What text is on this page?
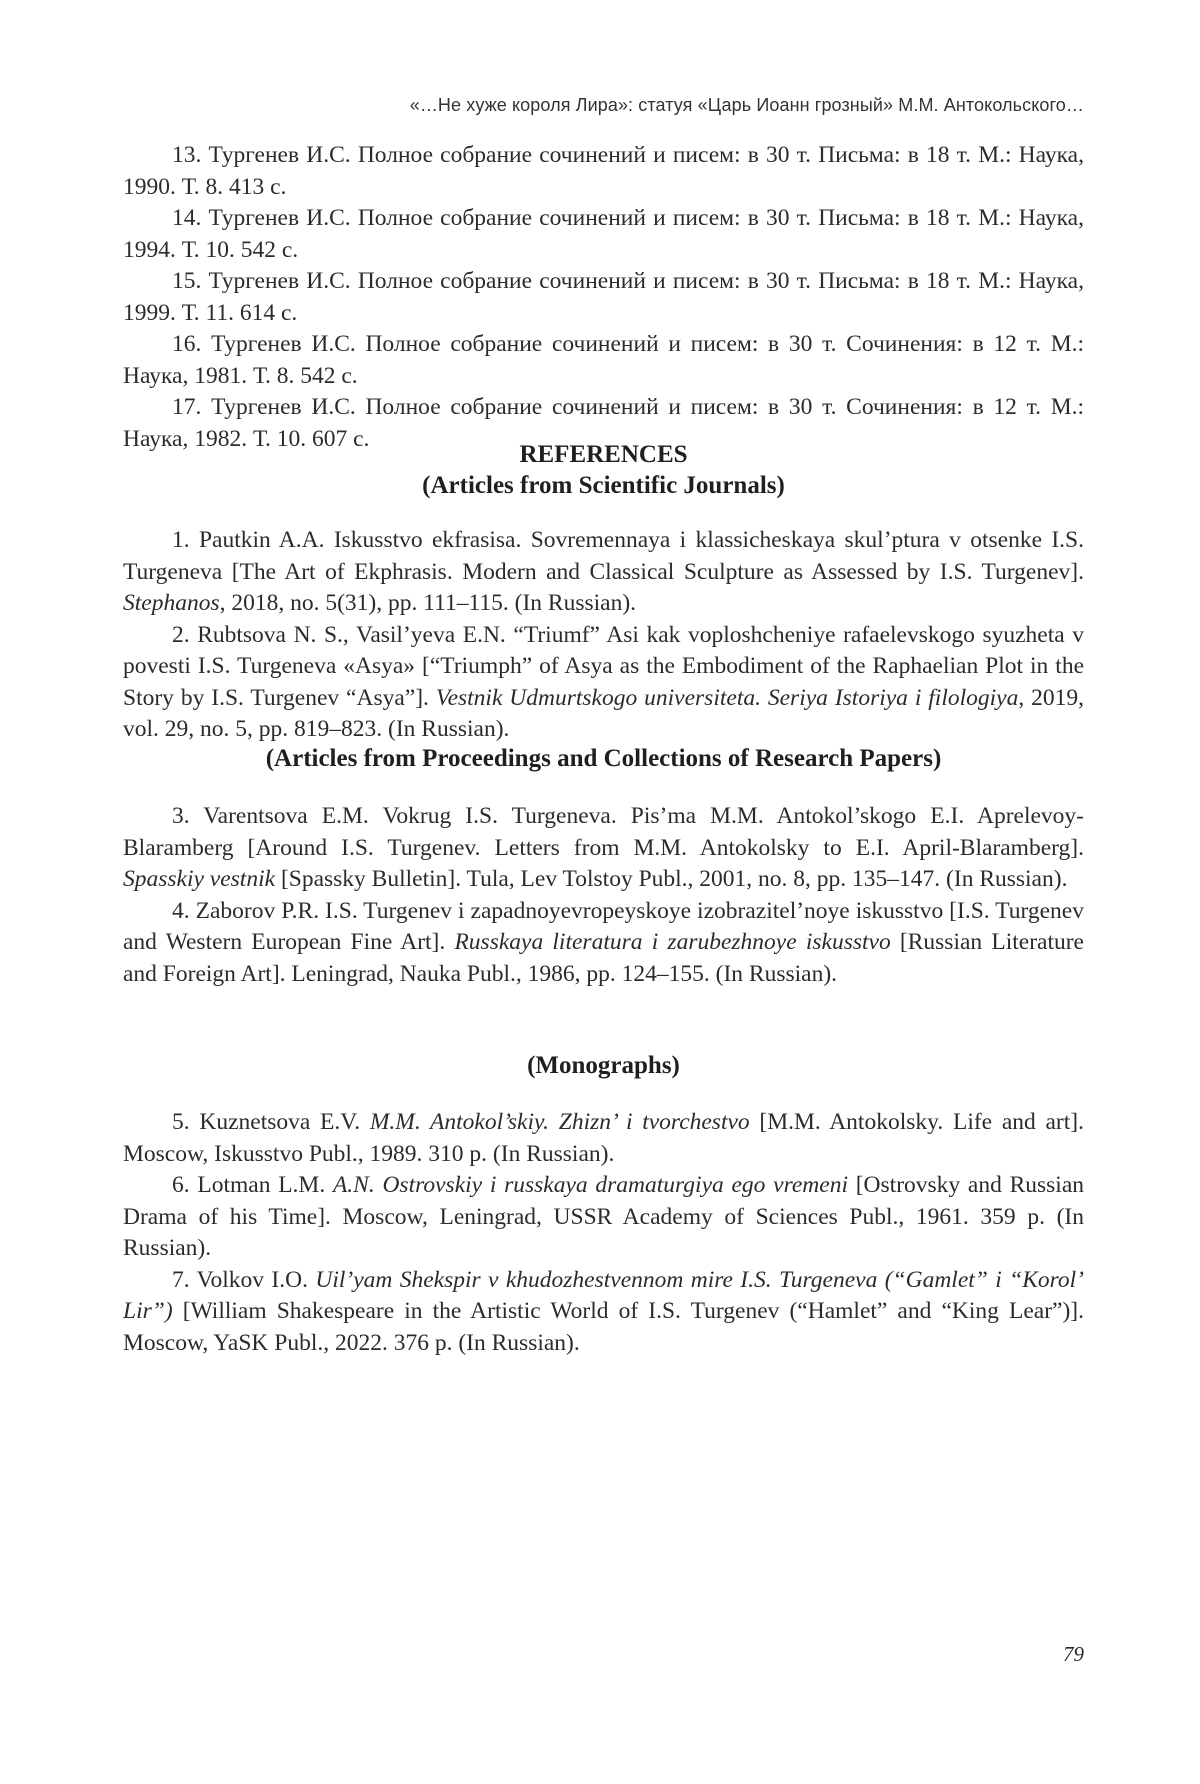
«…Не хуже короля Лира»: статуя «Царь Иоанн грозный» М.М. Антокольского…

13. Тургенев И.С. Полное собрание сочинений и писем: в 30 т. Письма: в 18 т. М.: Наука, 1990. Т. 8. 413 с.

14. Тургенев И.С. Полное собрание сочинений и писем: в 30 т. Письма: в 18 т. М.: Наука, 1994. Т. 10. 542 с.

15. Тургенев И.С. Полное собрание сочинений и писем: в 30 т. Письма: в 18 т. М.: Наука, 1999. Т. 11. 614 с.

16. Тургенев И.С. Полное собрание сочинений и писем: в 30 т. Сочинения: в 12 т. М.: Наука, 1981. Т. 8. 542 с.

17. Тургенев И.С. Полное собрание сочинений и писем: в 30 т. Сочинения: в 12 т. М.: Наука, 1982. Т. 10. 607 с.

REFERENCES
(Articles from Scientific Journals)

1. Pautkin A.A. Iskusstvo ekfrasisa. Sovremennaya i klassicheskaya skul’ptura v otsenke I.S. Turgeneva [The Art of Ekphrasis. Modern and Classical Sculpture as Assessed by I.S. Turgenev]. Stephanos, 2018, no. 5(31), pp. 111–115. (In Russian).

2. Rubtsova N. S., Vasil’yeva E.N. “Triumf” Asi kak voploshcheniye rafaelevskogo syuzheta v povesti I.S. Turgeneva «Asya» [“Triumph” of Asya as the Embodiment of the Raphaelian Plot in the Story by I.S. Turgenev “Asya”]. Vestnik Udmurtskogo universiteta. Seriya Istoriya i filologiya, 2019, vol. 29, no. 5, pp. 819–823. (In Russian).

(Articles from Proceedings and Collections of Research Papers)

3. Varentsova E.M. Vokrug I.S. Turgeneva. Pis’ma M.M. Antokol’skogo E.I. Aprelevoy-Blaramberg [Around I.S. Turgenev. Letters from M.M. Antokolsky to E.I. April-Blaramberg]. Spasskiy vestnik [Spassky Bulletin]. Tula, Lev Tolstoy Publ., 2001, no. 8, pp. 135–147. (In Russian).

4. Zaborov P.R. I.S. Turgenev i zapadnoyevropeyskoye izobrazitel’noye iskusstvo [I.S. Turgenev and Western European Fine Art]. Russkaya literatura i zarubezhnoye iskusstvo [Russian Literature and Foreign Art]. Leningrad, Nauka Publ., 1986, pp. 124–155. (In Russian).

(Monographs)

5. Kuznetsova E.V. M.M. Antokol’skiy. Zhizn’ i tvorchestvo [M.M. Antokolsky. Life and art]. Moscow, Iskusstvo Publ., 1989. 310 p. (In Russian).

6. Lotman L.M. A.N. Ostrovskiy i russkaya dramaturgiya ego vremeni [Ostrovsky and Russian Drama of his Time]. Moscow, Leningrad, USSR Academy of Sciences Publ., 1961. 359 p. (In Russian).

7. Volkov I.O. Uil’yam Shekspir v khudozhestvennom mire I.S. Turgeneva (“Gamlet” i “Korol’ Lir”) [William Shakespeare in the Artistic World of I.S. Turgenev (“Hamlet” and “King Lear”)]. Moscow, YaSK Publ., 2022. 376 p. (In Russian).

79
